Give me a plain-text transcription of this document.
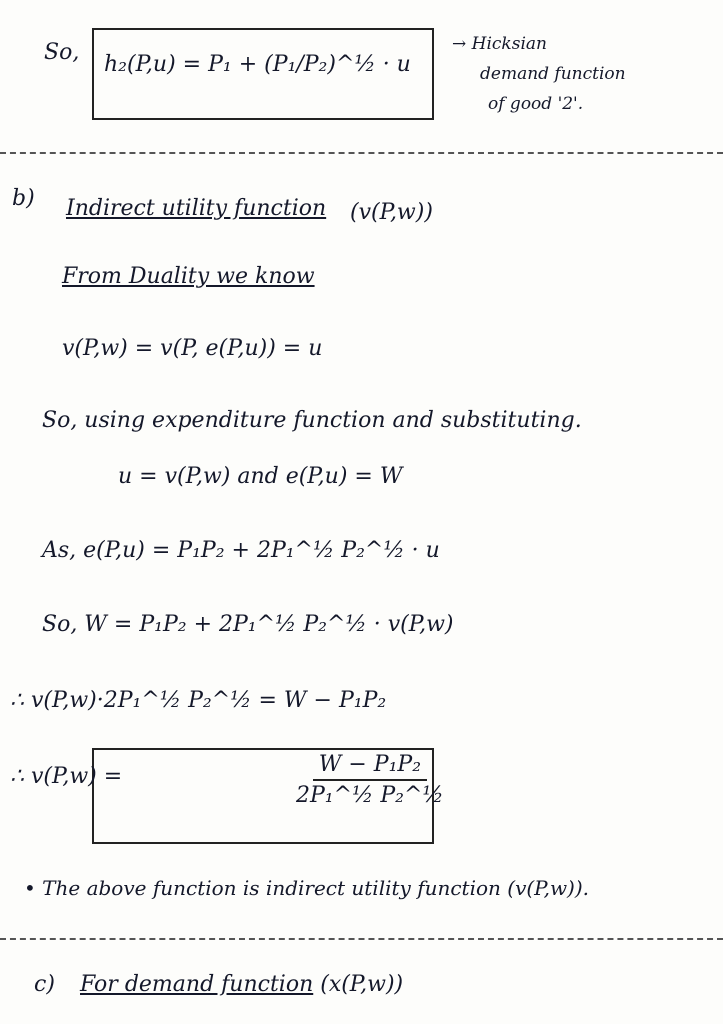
So, h₂(P,u) = P₁ + (P₁/P₂)^½ · u
→ Hicksian
demand function
of good '2'.
b) Indirect utility function (v(P,w))
From Duality we know
v(P,w) = v(P, e(P,u)) = u
So, using expenditure function and substituting.
u = v(P,w) and e(P,u) = W
As, e(P,u) = P₁P₂ + 2P₁^½ P₂^½ · u
So, W = P₁P₂ + 2P₁^½ P₂^½ · v(P,w)
∴ v(P,w)·2P₁^½ P₂^½ = W − P₁P₂
∴ v(P,w) =	$\frac{\text{W − P₁P₂}}{\text{2P₁\textasciicircum{}½ P₂\textasciicircum{}½}}$
• The above function is indirect utility function (v(P,w)).
c) For demand function (x(P,w))
